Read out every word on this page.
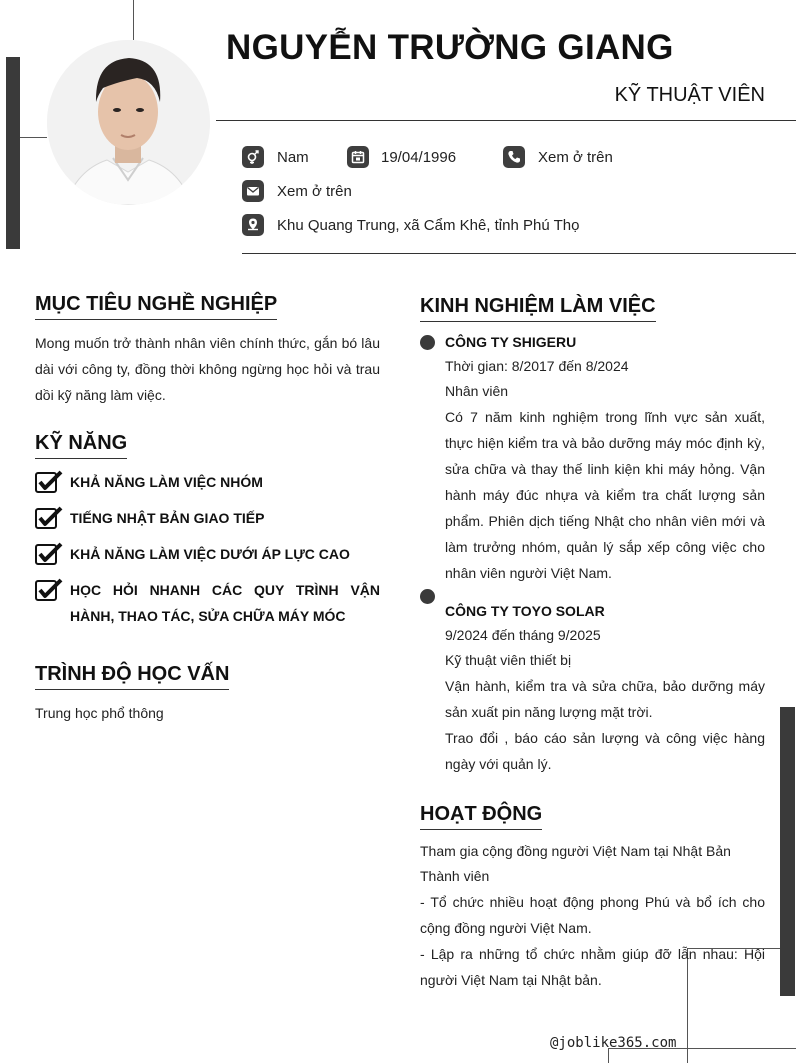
NGUYỄN TRƯỜNG GIANG
KỸ THUẬT VIÊN
Nam	19/04/1996	Xem ở trên
Xem ở trên
Khu Quang Trung, xã Cẩm Khê, tỉnh Phú Thọ
MỤC TIÊU NGHỀ NGHIỆP
Mong muốn trở thành nhân viên chính thức, gắn bó lâu dài với công ty, đồng thời không ngừng học hỏi và trau dồi kỹ năng làm việc.
KỸ NĂNG
KHẢ NĂNG LÀM VIỆC NHÓM
TIẾNG NHẬT BẢN GIAO TIẾP
KHẢ NĂNG LÀM VIỆC DƯỚI ÁP LỰC CAO
HỌC HỎI NHANH CÁC QUY TRÌNH VẬN HÀNH, THAO TÁC, SỬA CHỮA MÁY MÓC
TRÌNH ĐỘ HỌC VẤN
Trung học phổ thông
KINH NGHIỆM LÀM VIỆC
CÔNG TY SHIGERU
Thời gian: 8/2017 đến 8/2024
Nhân viên
Có 7 năm kinh nghiệm trong lĩnh vực sản xuất, thực hiện kiểm tra và bảo dưỡng máy móc định kỳ, sửa chữa và thay thế linh kiện khi máy hỏng. Vận hành máy đúc nhựa và kiểm tra chất lượng sản phẩm. Phiên dịch tiếng Nhật cho nhân viên mới và làm trưởng nhóm, quản lý sắp xếp công việc cho nhân viên người Việt Nam.
CÔNG TY TOYO SOLAR
9/2024 đến tháng 9/2025
Kỹ thuật viên thiết bị
Vận hành, kiểm tra và sửa chữa, bảo dưỡng máy sản xuất pin năng lượng mặt trời.
Trao đổi , báo cáo sản lượng và công việc hàng ngày với quản lý.
HOẠT ĐỘNG
Tham gia cộng đồng người Việt Nam tại Nhật Bản
Thành viên
- Tổ chức nhiều hoạt động phong Phú và bổ ích cho cộng đồng người Việt Nam.
- Lập ra những tổ chức nhằm giúp đỡ lẫn nhau: Hội người Việt Nam tại Nhật bản.
@joblike365.com
